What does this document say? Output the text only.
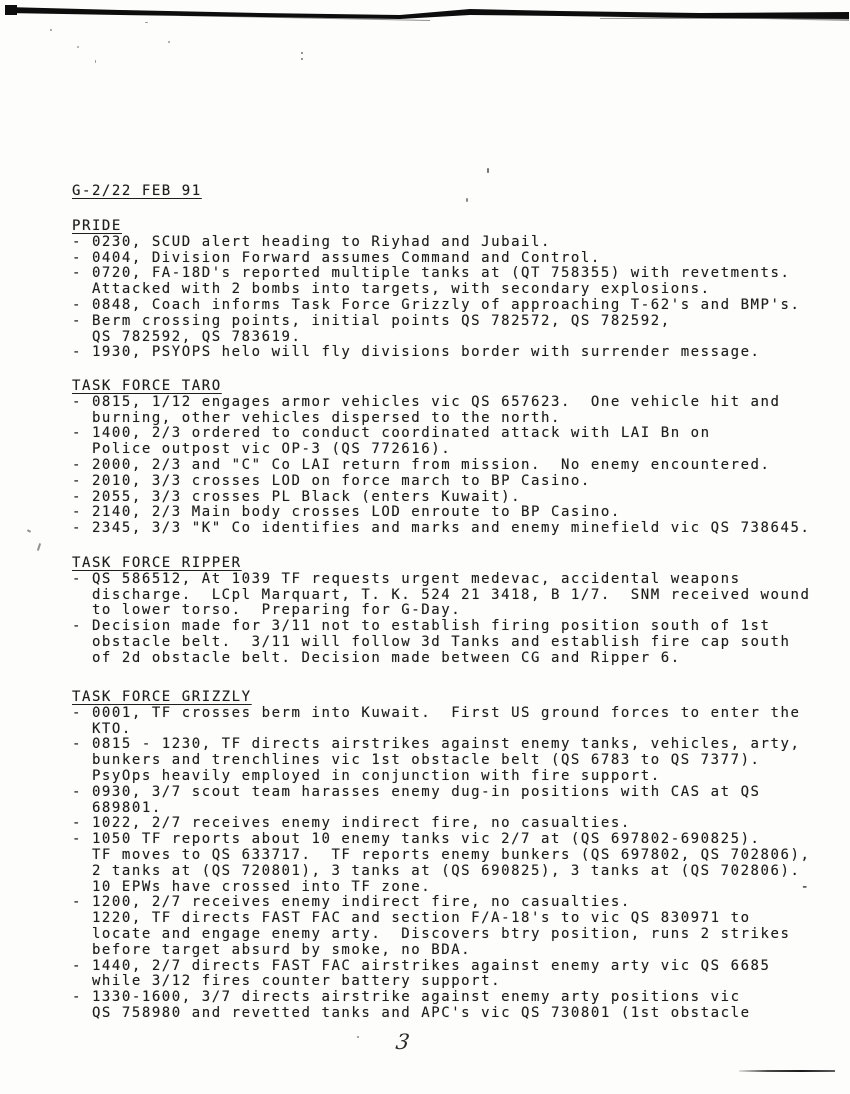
G-2/22 FEB 91
PRIDE
- 0230, SCUD alert heading to Riyhad and Jubail.
- 0404, Division Forward assumes Command and Control.
- 0720, FA-18D's reported multiple tanks at (QT 758355) with revetments.
Attacked with 2 bombs into targets, with secondary explosions.
- 0848, Coach informs Task Force Grizzly of approaching T-62's and BMP's.
- Berm crossing points, initial points QS 782572, QS 782592,
QS 782592, QS 783619.
- 1930, PSYOPS helo will fly divisions border with surrender message.
TASK FORCE TARO
- 0815, 1/12 engages armor vehicles vic QS 657623.  One vehicle hit and
burning, other vehicles dispersed to the north.
- 1400, 2/3 ordered to conduct coordinated attack with LAI Bn on
Police outpost vic OP-3 (QS 772616).
- 2000, 2/3 and "C" Co LAI return from mission.  No enemy encountered.
- 2010, 3/3 crosses LOD on force march to BP Casino.
- 2055, 3/3 crosses PL Black (enters Kuwait).
- 2140, 2/3 Main body crosses LOD enroute to BP Casino.
- 2345, 3/3 "K" Co identifies and marks and enemy minefield vic QS 738645.
TASK FORCE RIPPER
- QS 586512, At 1039 TF requests urgent medevac, accidental weapons
discharge.  LCpl Marquart, T. K. 524 21 3418, B 1/7.  SNM received wound
to lower torso.  Preparing for G-Day.
- Decision made for 3/11 not to establish firing position south of 1st
obstacle belt.  3/11 will follow 3d Tanks and establish fire cap south
of 2d obstacle belt. Decision made between CG and Ripper 6.
TASK FORCE GRIZZLY
- 0001, TF crosses berm into Kuwait.  First US ground forces to enter the
KTO.
- 0815 - 1230, TF directs airstrikes against enemy tanks, vehicles, arty,
bunkers and trenchlines vic 1st obstacle belt (QS 6783 to QS 7377).
PsyOps heavily employed in conjunction with fire support.
- 0930, 3/7 scout team harasses enemy dug-in positions with CAS at QS
689801.
- 1022, 2/7 receives enemy indirect fire, no casualties.
- 1050 TF reports about 10 enemy tanks vic 2/7 at (QS 697802-690825).
TF moves to QS 633717.  TF reports enemy bunkers (QS 697802, QS 702806),
2 tanks at (QS 720801), 3 tanks at (QS 690825), 3 tanks at (QS 702806).
10 EPWs have crossed into TF zone.                                     -
- 1200, 2/7 receives enemy indirect fire, no casualties.
1220, TF directs FAST FAC and section F/A-18's to vic QS 830971 to
locate and engage enemy arty.  Discovers btry position, runs 2 strikes
before target absurd by smoke, no BDA.
- 1440, 2/7 directs FAST FAC airstrikes against enemy arty vic QS 6685
while 3/12 fires counter battery support.
- 1330-1600, 3/7 directs airstrike against enemy arty positions vic
QS 758980 and revetted tanks and APC's vic QS 730801 (1st obstacle
3
